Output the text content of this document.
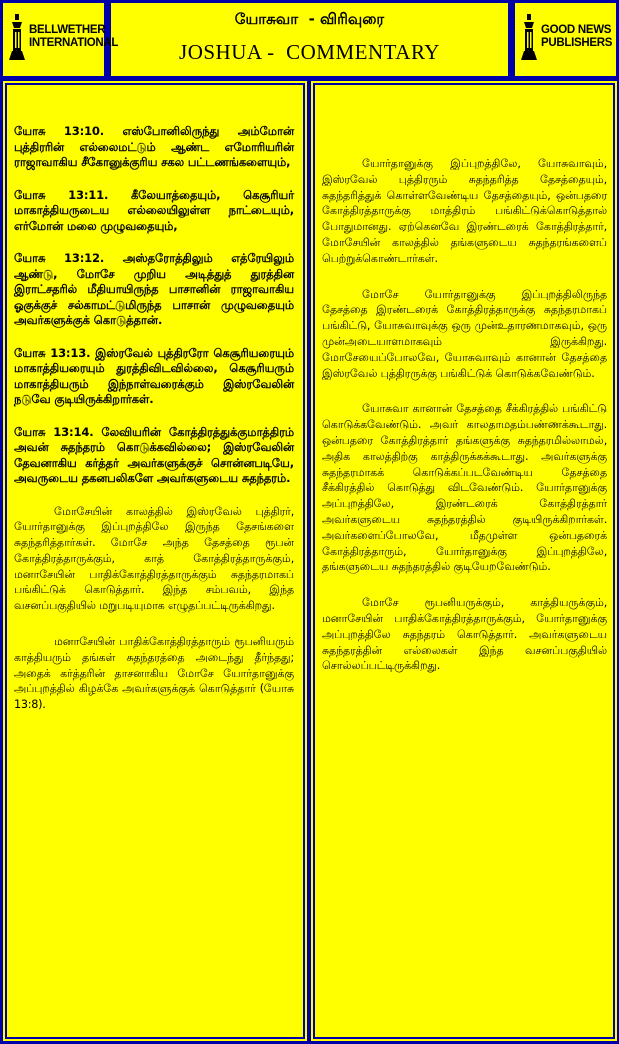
BELLWETHER
INTERNATIONAL
யோசுவா  - விரிவுரை
JOSHUA -  COMMENTARY
GOOD NEWS
PUBLISHERS

யோசு 13:10. எஸ்போனிலிருந்து அம்மோன் புத்திரரின் எல்லைமட்டும் ஆண்ட எமோரியரின் ராஜாவாகிய சீகோனுக்குரிய சகல பட்டணங்களையும்,

யோசு 13:11. கீலேயாத்தையும், கெசூரியர் மாகாத்தியருடைய எல்லையிலுள்ள நாட்டையும், எர்மோன் மலை முழுவதையும்,

யோசு 13:12. அஸ்தரோத்திலும் எத்ரேயிலும் ஆண்டு, மோசே முறிய அடித்துத் துரத்தின இராட்சதரில் மீதியாயிருந்த பாசானின் ராஜாவாகிய ஓகுக்குச் சல்காமட்டுமிருந்த பாசான் முழுவதையும் அவர்களுக்குக் கொடுத்தான்.

யோசு 13:13. இஸ்ரவேல் புத்திரரோ கெசூரியரையும் மாகாத்தியரையும் துரத்திவிடவில்லை, கெசூரியரும் மாகாத்தியரும் இந்நாள்வரைக்கும் இஸ்ரவேலின் நடுவே குடியிருக்கிறார்கள்.

யோசு 13:14. லேவியரின் கோத்திரத்துக்குமாத்திரம் அவன் சுதந்தரம் கொடுக்கவில்லை; இஸ்ரவேலின் தேவனாகிய கர்த்தர் அவர்களுக்குச் சொன்னபடியே, அவருடைய தகனபலிகளே அவர்களுடைய சுதந்தரம்.

மோசேயின் காலத்தில் இஸ்ரவேல் புத்திரர், யோர்தானுக்கு இப்புறத்திலே இருந்த தேசங்களை சுதந்தரித்தார்கள். மோசே அந்த தேசத்தை ரூபன் கோத்திரத்தாருக்கும், காத் கோத்திரத்தாருக்கும், மனாசேயின் பாதிக்கோத்திரத்தாருக்கும் சுதந்தரமாகப் பங்கிட்டுக் கொடுத்தார். இந்த சம்பவம், இந்த வசனப்பகுதியில் மறுபடியுமாக எழுதப்பட்டிருக்கிறது.

மனாசேயின் பாதிக்கோத்திரத்தாரும் ரூபனியரும் காத்தியரும் தங்கள் சுதந்தரத்தை அடைந்து தீர்ந்தது; அதைக் கர்த்தரின் தாசனாகிய மோசே யோர்தானுக்கு அப்புறத்தில் கிழக்கே அவர்களுக்குக் கொடுத்தார் (யோசு 13:8).

யோர்தானுக்கு இப்புறத்திலே, யோசுவாவும், இஸ்ரவேல் புத்திரரும் சுதந்தரித்த தேசத்தையும், சுதந்தரித்துக் கொள்ளவேண்டிய தேசத்தையும், ஒன்பதரை கோத்திரத்தாருக்கு மாத்திரம் பங்கிட்டுக்கொடுத்தால் போதுமானது. ஏற்கெனவே இரண்டரைக் கோத்திரத்தார், மோசேயின் காலத்தில் தங்களுடைய சுதந்தரங்களைப் பெற்றுக்கொண்டார்கள்.

மோசே யோர்தானுக்கு இப்புறத்திலிருந்த தேசத்தை இரண்டரைக் கோத்திரத்தாருக்கு சுதந்தரமாகப் பங்கிட்டு, யோசுவாவுக்கு ஒரு முன்உதாரணமாகவும், ஒரு முன்அடையாளமாகவும் இருக்கிறது. மோசேயைப்போலவே, யோசுவாவும் கானான் தேசத்தை இஸ்ரவேல் புத்திரருக்கு பங்கிட்டுக் கொடுக்கவேண்டும்.

யோசுவா கானான் தேசத்தை சீக்கிரத்தில் பங்கிட்டு கொடுக்கவேண்டும். அவர் காலதாமதம்பண்ணக்கூடாது. ஒன்பதரை கோத்திரத்தார் தங்களுக்கு சுதந்தரமில்லாமல், அதிக காலத்திற்கு காத்திருக்கக்கூடாது. அவர்களுக்கு சுதந்தரமாகக் கொடுக்கப்படவேண்டிய தேசத்தை சீக்கிரத்தில் கொடுத்து விடவேண்டும். யோர்தானுக்கு அப்புறத்திலே, இரண்டரைக் கோத்திரத்தார் அவர்களுடைய சுதந்தரத்தில் குடியிருக்கிறார்கள். அவர்களைப்போலவே, மீதமுள்ள ஒன்பதரைக் கோத்திரத்தாரும், யோர்தானுக்கு இப்புறத்திலே, தங்களுடைய சுதந்தரத்தில் குடியேறவேண்டும்.

மோசே ரூபனியருக்கும், காத்தியருக்கும், மனாசேயின் பாதிக்கோத்திரத்தாருக்கும், யோர்தானுக்கு அப்புறத்திலே சுதந்தரம் கொடுத்தார். அவர்களுடைய சுதந்தரத்தின் எல்லைகள் இந்த வசனப்பகுதியில் சொல்லப்பட்டிருக்கிறது.
